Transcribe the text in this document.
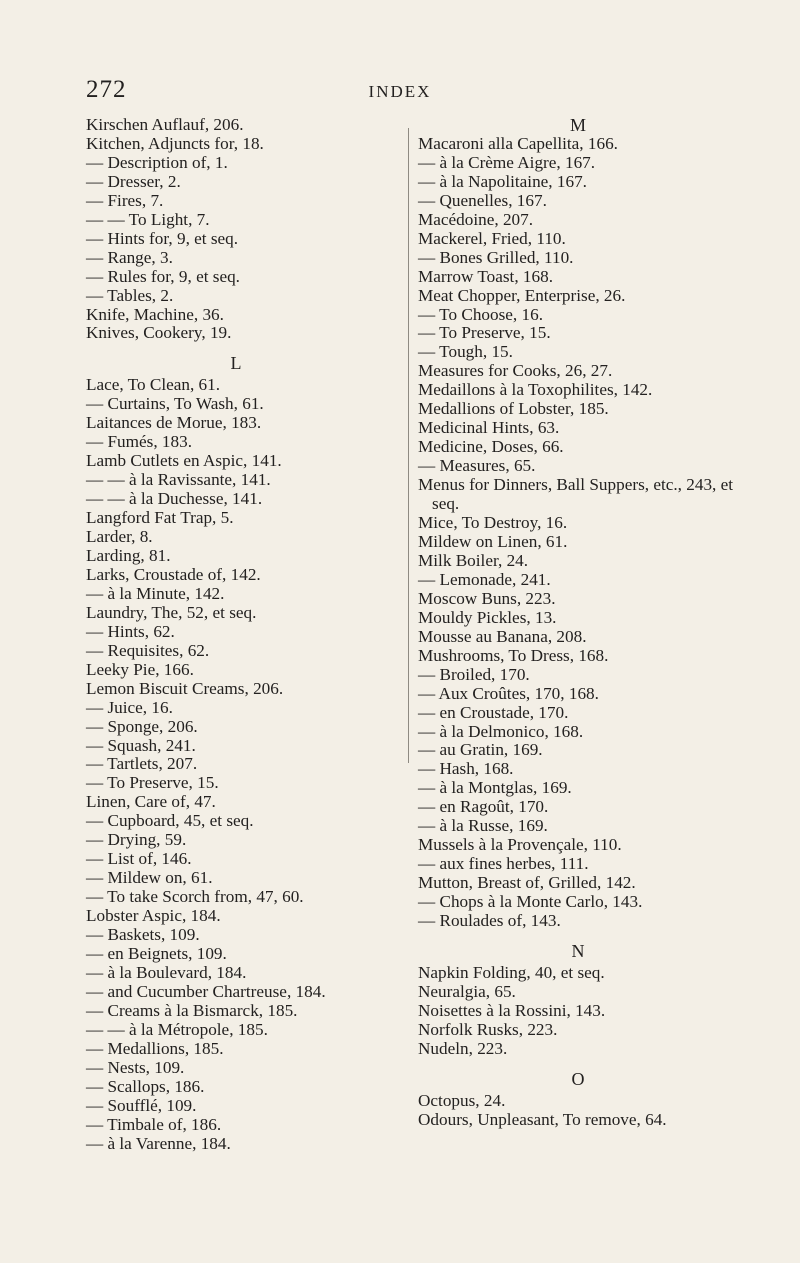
272	INDEX

Kirschen Auflauf, 206.

Kitchen, Adjuncts for, 18.

— Description of, 1.

— Dresser, 2.

— Fires, 7.

— — To Light, 7.

— Hints for, 9, et seq.

— Range, 3.

— Rules for, 9, et seq.

— Tables, 2.

Knife, Machine, 36.

Knives, Cookery, 19.

L

Lace, To Clean, 61.

— Curtains, To Wash, 61.

Laitances de Morue, 183.

— Fumés, 183.

Lamb Cutlets en Aspic, 141.

— — à la Ravissante, 141.

— — à la Duchesse, 141.

Langford Fat Trap, 5.

Larder, 8.

Larding, 81.

Larks, Croustade of, 142.

— à la Minute, 142.

Laundry, The, 52, et seq.

— Hints, 62.

— Requisites, 62.

Leeky Pie, 166.

Lemon Biscuit Creams, 206.

— Juice, 16.

— Sponge, 206.

— Squash, 241.

— Tartlets, 207.

— To Preserve, 15.

Linen, Care of, 47.

— Cupboard, 45, et seq.

— Drying, 59.

— List of, 146.

— Mildew on, 61.

— To take Scorch from, 47, 60.

Lobster Aspic, 184.

— Baskets, 109.

— en Beignets, 109.

— à la Boulevard, 184.

— and Cucumber Chartreuse, 184.

— Creams à la Bismarck, 185.

— — à la Métropole, 185.

— Medallions, 185.

— Nests, 109.

— Scallops, 186.

— Soufflé, 109.

— Timbale of, 186.

— à la Varenne, 184.

M

Macaroni alla Capellita, 166.

— à la Crème Aigre, 167.

— à la Napolitaine, 167.

— Quenelles, 167.

Macédoine, 207.

Mackerel, Fried, 110.

— Bones Grilled, 110.

Marrow Toast, 168.

Meat Chopper, Enterprise, 26.

— To Choose, 16.

— To Preserve, 15.

— Tough, 15.

Measures for Cooks, 26, 27.

Medaillons à la Toxophilites, 142.

Medallions of Lobster, 185.

Medicinal Hints, 63.

Medicine, Doses, 66.

— Measures, 65.

Menus for Dinners, Ball Suppers, etc., 243, et seq.

Mice, To Destroy, 16.

Mildew on Linen, 61.

Milk Boiler, 24.

— Lemonade, 241.

Moscow Buns, 223.

Mouldy Pickles, 13.

Mousse au Banana, 208.

Mushrooms, To Dress, 168.

— Broiled, 170.

— Aux Croûtes, 170, 168.

— en Croustade, 170.

— à la Delmonico, 168.

— au Gratin, 169.

— Hash, 168.

— à la Montglas, 169.

— en Ragoût, 170.

— à la Russe, 169.

Mussels à la Provençale, 110.

— aux fines herbes, 111.

Mutton, Breast of, Grilled, 142.

— Chops à la Monte Carlo, 143.

— Roulades of, 143.

N

Napkin Folding, 40, et seq.

Neuralgia, 65.

Noisettes à la Rossini, 143.

Norfolk Rusks, 223.

Nudeln, 223.

O

Octopus, 24.

Odours, Unpleasant, To remove, 64.
